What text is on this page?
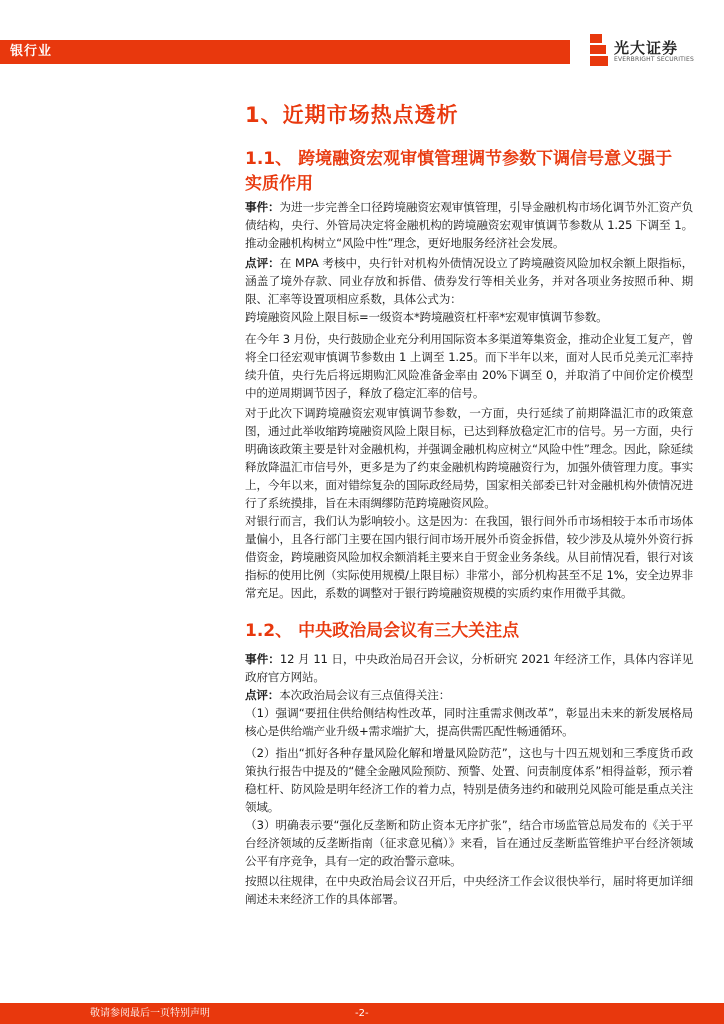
银行业	光大证券
EVERBRIGHT SECURITIES
1、近期市场热点透析
1.1、 跨境融资宏观审慎管理调节参数下调信号意义强于
实质作用

事件：为进一步完善全口径跨境融资宏观审慎管理，引导金融机构市场化调节外汇资产负债结构，央行、外管局决定将金融机构的跨境融资宏观审慎调节参数从 1.25 下调至 1。推动金融机构树立“风险中性”理念，更好地服务经济社会发展。

点评：在 MPA 考核中，央行针对机构外债情况设立了跨境融资风险加权余额上限指标，涵盖了境外存款、同业存放和拆借、债券发行等相关业务，并对各项业务按照币种、期限、汇率等设置项相应系数，具体公式为：

跨境融资风险上限目标=一级资本*跨境融资杠杆率*宏观审慎调节参数。

在今年 3 月份，央行鼓励企业充分利用国际资本多渠道筹集资金，推动企业复工复产，曾将全口径宏观审慎调节参数由 1 上调至 1.25。而下半年以来，面对人民币兑美元汇率持续升值，央行先后将远期购汇风险准备金率由 20%下调至 0，并取消了中间价定价模型中的逆周期调节因子，释放了稳定汇率的信号。

对于此次下调跨境融资宏观审慎调节参数，一方面，央行延续了前期降温汇市的政策意图，通过此举收缩跨境融资风险上限目标，已达到释放稳定汇市的信号。另一方面，央行明确该政策主要是针对金融机构，并强调金融机构应树立“风险中性”理念。因此，除延续释放降温汇市信号外，更多是为了约束金融机构跨境融资行为，加强外债管理力度。事实上，今年以来，面对错综复杂的国际政经局势，国家相关部委已针对金融机构外债情况进行了系统摸排，旨在未雨绸缪防范跨境融资风险。

对银行而言，我们认为影响较小。这是因为：在我国，银行间外币市场相较于本币市场体量偏小，且各行部门主要在国内银行间市场开展外币资金拆借，较少涉及从境外外资行拆借资金，跨境融资风险加权余额消耗主要来自于贸金业务条线。从目前情况看，银行对该指标的使用比例（实际使用规模/上限目标）非常小，部分机构甚至不足 1%，安全边界非常充足。因此，系数的调整对于银行跨境融资规模的实质约束作用微乎其微。

1.2、 中央政治局会议有三大关注点

事件：12 月 11 日，中央政治局召开会议，分析研究 2021 年经济工作，具体内容详见政府官方网站。

点评：本次政治局会议有三点值得关注：

（1）强调“要扭住供给侧结构性改革，同时注重需求侧改革”，彰显出未来的新发展格局核心是供给端产业升级+需求端扩大，提高供需匹配性畅通循环。

（2）指出“抓好各种存量风险化解和增量风险防范”，这也与十四五规划和三季度货币政策执行报告中提及的“健全金融风险预防、预警、处置、问责制度体系”相得益彰，预示着稳杠杆、防风险是明年经济工作的着力点，特别是债务违约和破刑兑风险可能是重点关注领域。

（3）明确表示要“强化反垄断和防止资本无序扩张”，结合市场监管总局发布的《关于平台经济领域的反垄断指南（征求意见稿）》来看，旨在通过反垄断监管维护平台经济领域公平有序竞争，具有一定的政治警示意味。

按照以往规律，在中央政治局会议召开后，中央经济工作会议很快举行，届时将更加详细阐述未来经济工作的具体部署。

敬请参阅最后一页特别声明	-2-
